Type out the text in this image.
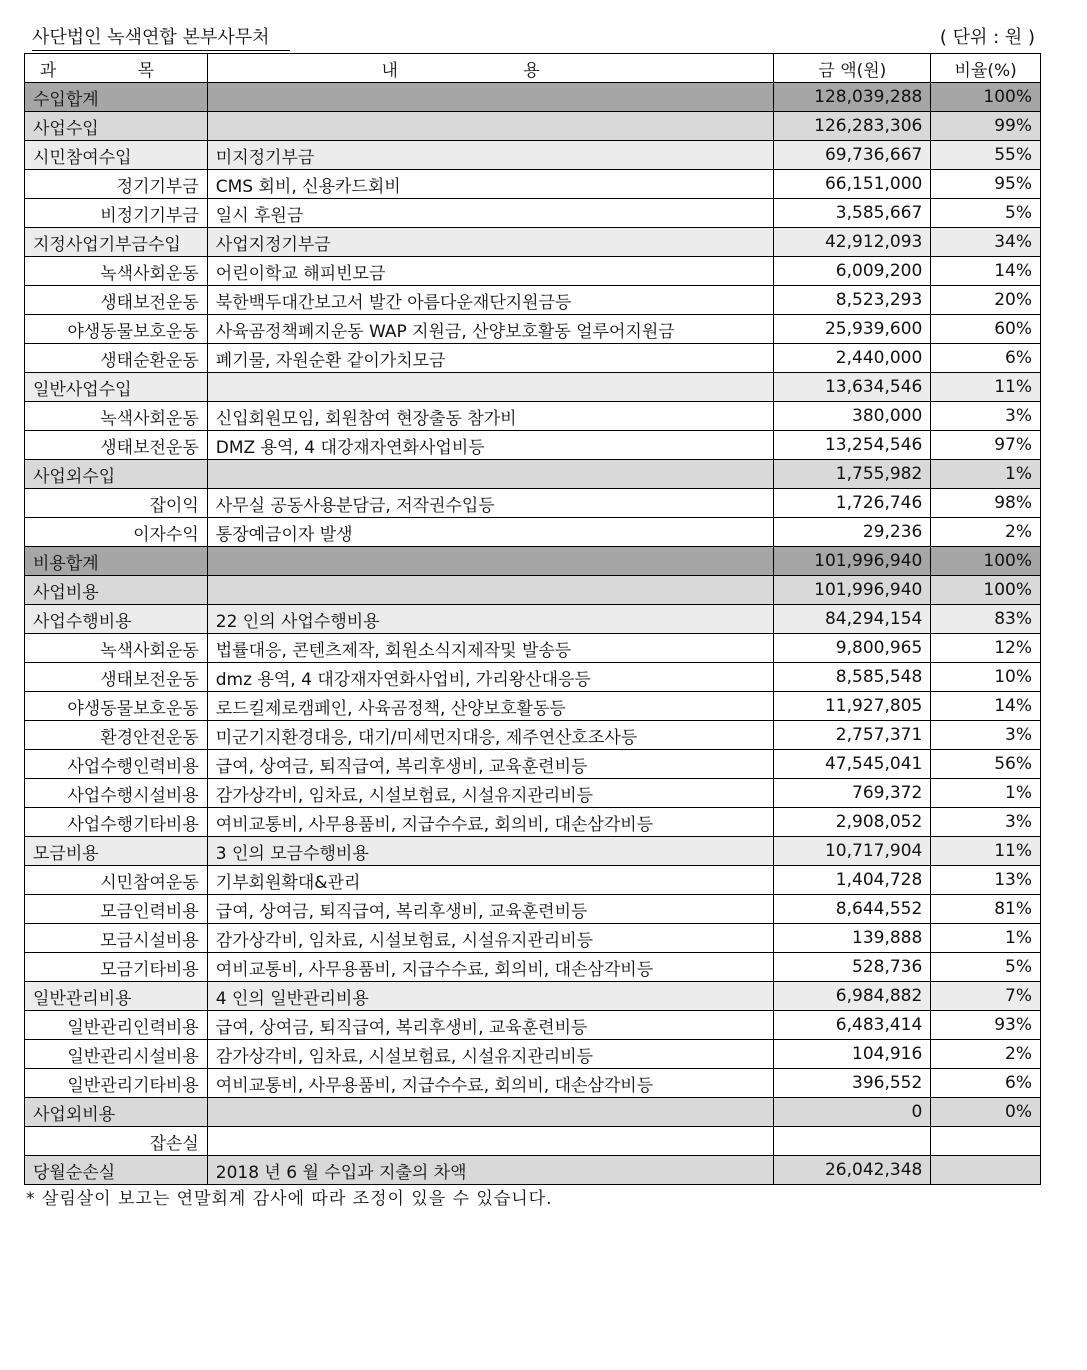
사단법인 녹색연합 본부사무처	( 단위 : 원 )
과 목	내 용	금 액(원)	비율(%)
수입합계		128,039,288	100%
사업수입		126,283,306	99%
시민참여수입	미지정기부금	69,736,667	55%
정기기부금	CMS 회비, 신용카드회비	66,151,000	95%
비정기기부금	일시 후원금	3,585,667	5%
지정사업기부금수입	사업지정기부금	42,912,093	34%
녹색사회운동	어린이학교 해피빈모금	6,009,200	14%
생태보전운동	북한백두대간보고서 발간 아름다운재단지원금등	8,523,293	20%
야생동물보호운동	사육곰정책폐지운동 WAP 지원금, 산양보호활동 얼루어지원금	25,939,600	60%
생태순환운동	폐기물, 자원순환 같이가치모금	2,440,000	6%
일반사업수입		13,634,546	11%
녹색사회운동	신입회원모임, 회원참여 현장출동 참가비	380,000	3%
생태보전운동	DMZ 용역, 4 대강재자연화사업비등	13,254,546	97%
사업외수입		1,755,982	1%
잡이익	사무실 공동사용분담금, 저작권수입등	1,726,746	98%
이자수익	통장예금이자 발생	29,236	2%
비용합계		101,996,940	100%
사업비용		101,996,940	100%
사업수행비용	22 인의 사업수행비용	84,294,154	83%
녹색사회운동	법률대응, 콘텐츠제작, 회원소식지제작및 발송등	9,800,965	12%
생태보전운동	dmz 용역, 4 대강재자연화사업비, 가리왕산대응등	8,585,548	10%
야생동물보호운동	로드킬제로캠페인, 사육곰정책, 산양보호활동등	11,927,805	14%
환경안전운동	미군기지환경대응, 대기/미세먼지대응, 제주연산호조사등	2,757,371	3%
사업수행인력비용	급여, 상여금, 퇴직급여, 복리후생비, 교육훈련비등	47,545,041	56%
사업수행시설비용	감가상각비, 임차료, 시설보험료, 시설유지관리비등	769,372	1%
사업수행기타비용	여비교통비, 사무용품비, 지급수수료, 회의비, 대손삼각비등	2,908,052	3%
모금비용	3 인의 모금수행비용	10,717,904	11%
시민참여운동	기부회원확대&관리	1,404,728	13%
모금인력비용	급여, 상여금, 퇴직급여, 복리후생비, 교육훈련비등	8,644,552	81%
모금시설비용	감가상각비, 임차료, 시설보험료, 시설유지관리비등	139,888	1%
모금기타비용	여비교통비, 사무용품비, 지급수수료, 회의비, 대손삼각비등	528,736	5%
일반관리비용	4 인의 일반관리비용	6,984,882	7%
일반관리인력비용	급여, 상여금, 퇴직급여, 복리후생비, 교육훈련비등	6,483,414	93%
일반관리시설비용	감가상각비, 임차료, 시설보험료, 시설유지관리비등	104,916	2%
일반관리기타비용	여비교통비, 사무용품비, 지급수수료, 회의비, 대손삼각비등	396,552	6%
사업외비용		0	0%
잡손실			
당월순손실	2018 년 6 월 수입과 지출의 차액	26,042,348	
* 살림살이 보고는 연말회계 감사에 따라 조정이 있을 수 있습니다.
